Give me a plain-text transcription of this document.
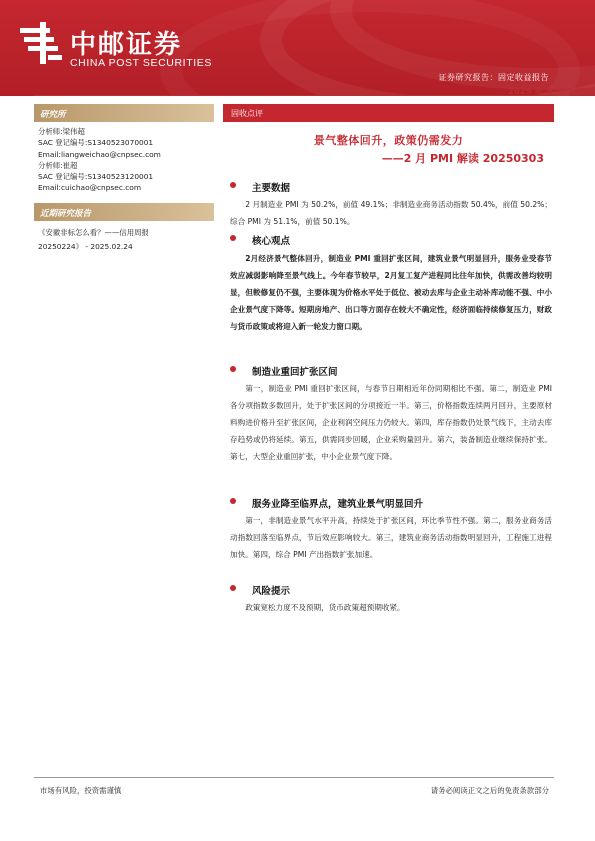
中邮证券
CHINA POST SECURITIES
证券研究报告：固定收益报告
2025 年 3 月 3 日
研究所
分析师:梁伟超
SAC 登记编号:S1340523070001
Email:liangweichao@cnpsec.com
分析师:崔超
SAC 登记编号:S1340523120001
Email:cuichao@cnpsec.com
近期研究报告
《安徽非标怎么看？——信用周报
20250224》 - 2025.02.24
固收点评
景气整体回升，政策仍需发力
——2 月 PMI 解读 20250303
主要数据
2 月制造业 PMI 为 50.2%，前值 49.1%；非制造业商务活动指数 50.4%，前值 50.2%；综合 PMI 为 51.1%，前值 50.1%。
核心观点
2月经济景气整体回升，制造业 PMI 重回扩张区间，建筑业景气明显回升，服务业受春节效应减弱影响降至景气线上。今年春节较早，2月复工复产进程同比往年加快，供需改善均较明显，但較修复仍不强，主要体现为价格水平处于低位、被动去库与企业主动补库动能不强、中小企业景气度下降等。短期房地产、出口等方面存在较大不确定性，经济面临持续修复压力，财政与货币政策或将迎入新一轮发力窗口期。
制造业重回扩张区间
第一，制造业 PMI 重回扩张区间，与春节日期相近年份同期相比不强。第二，制造业 PMI 各分项指数多数回升，处于扩张区间的分项接近一半。第三，价格指数连续两月回升，主要原材料购进价格升至扩张区间，企业利润空间压力仍较大。第四，库存指数仍处景气线下，主动去库存趋势或仍将延续。第五，供需同步回暖，企业采购量回升。第六，装备制造业继续保持扩张。第七，大型企业重回扩张，中小企业景气度下降。
服务业降至临界点，建筑业景气明显回升
第一，非制造业景气水平升高，持续处于扩张区间，环比季节性不强。第二，服务业商务活动指数回落至临界点，节后效应影响较大。第三，建筑业商务活动指数明显回升，工程施工进程加快。第四，综合 PMI 产出指数扩张加速。
风险提示
政策宽松力度不及预期，货币政策超预期收紧。
市场有风险，投资需谨慎	请务必阅读正文之后的免责条款部分
